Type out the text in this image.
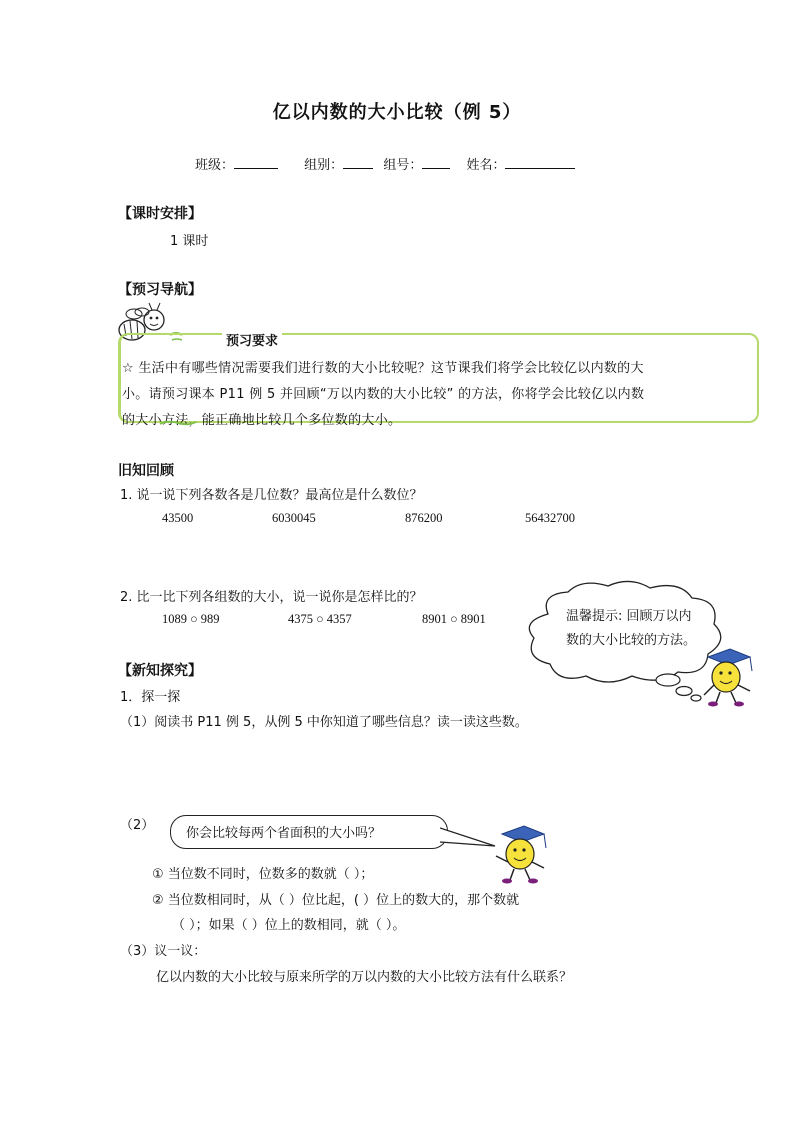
亿以内数的大小比较（例 5）
班级：	组别：	组号：	姓名：
【课时安排】
1 课时
【预习导航】
预习要求
☆ 生活中有哪些情况需要我们进行数的大小比较呢？这节课我们将学会比较亿以内数的大
小。请预习课本 P11 例 5 并回顾“万以内数的大小比较” 的方法，你将学会比较亿以内数
的大小方法，能正确地比较几个多位数的大小。
旧知回顾
1. 说一说下列各数各是几位数？最高位是什么数位？
43500	6030045	876200	56432700
2. 比一比下列各组数的大小，说一说你是怎样比的？
1089 ○ 989	4375 ○ 4357	8901 ○ 8901	温馨提示: 回顾万以内
数的大小比较的方法。
【新知探究】
1．探一探
（1）阅读书 P11 例 5，从例 5 中你知道了哪些信息？读一读这些数。
（2）
你会比较每两个省面积的大小吗？
① 当位数不同时，位数多的数就（ ）；
② 当位数相同时，从（ ）位比起，( ）位上的数大的，那个数就
（ ）；如果（ ）位上的数相同，就（ ）。
（3）议一议：
亿以内数的大小比较与原来所学的万以内数的大小比较方法有什么联系？
